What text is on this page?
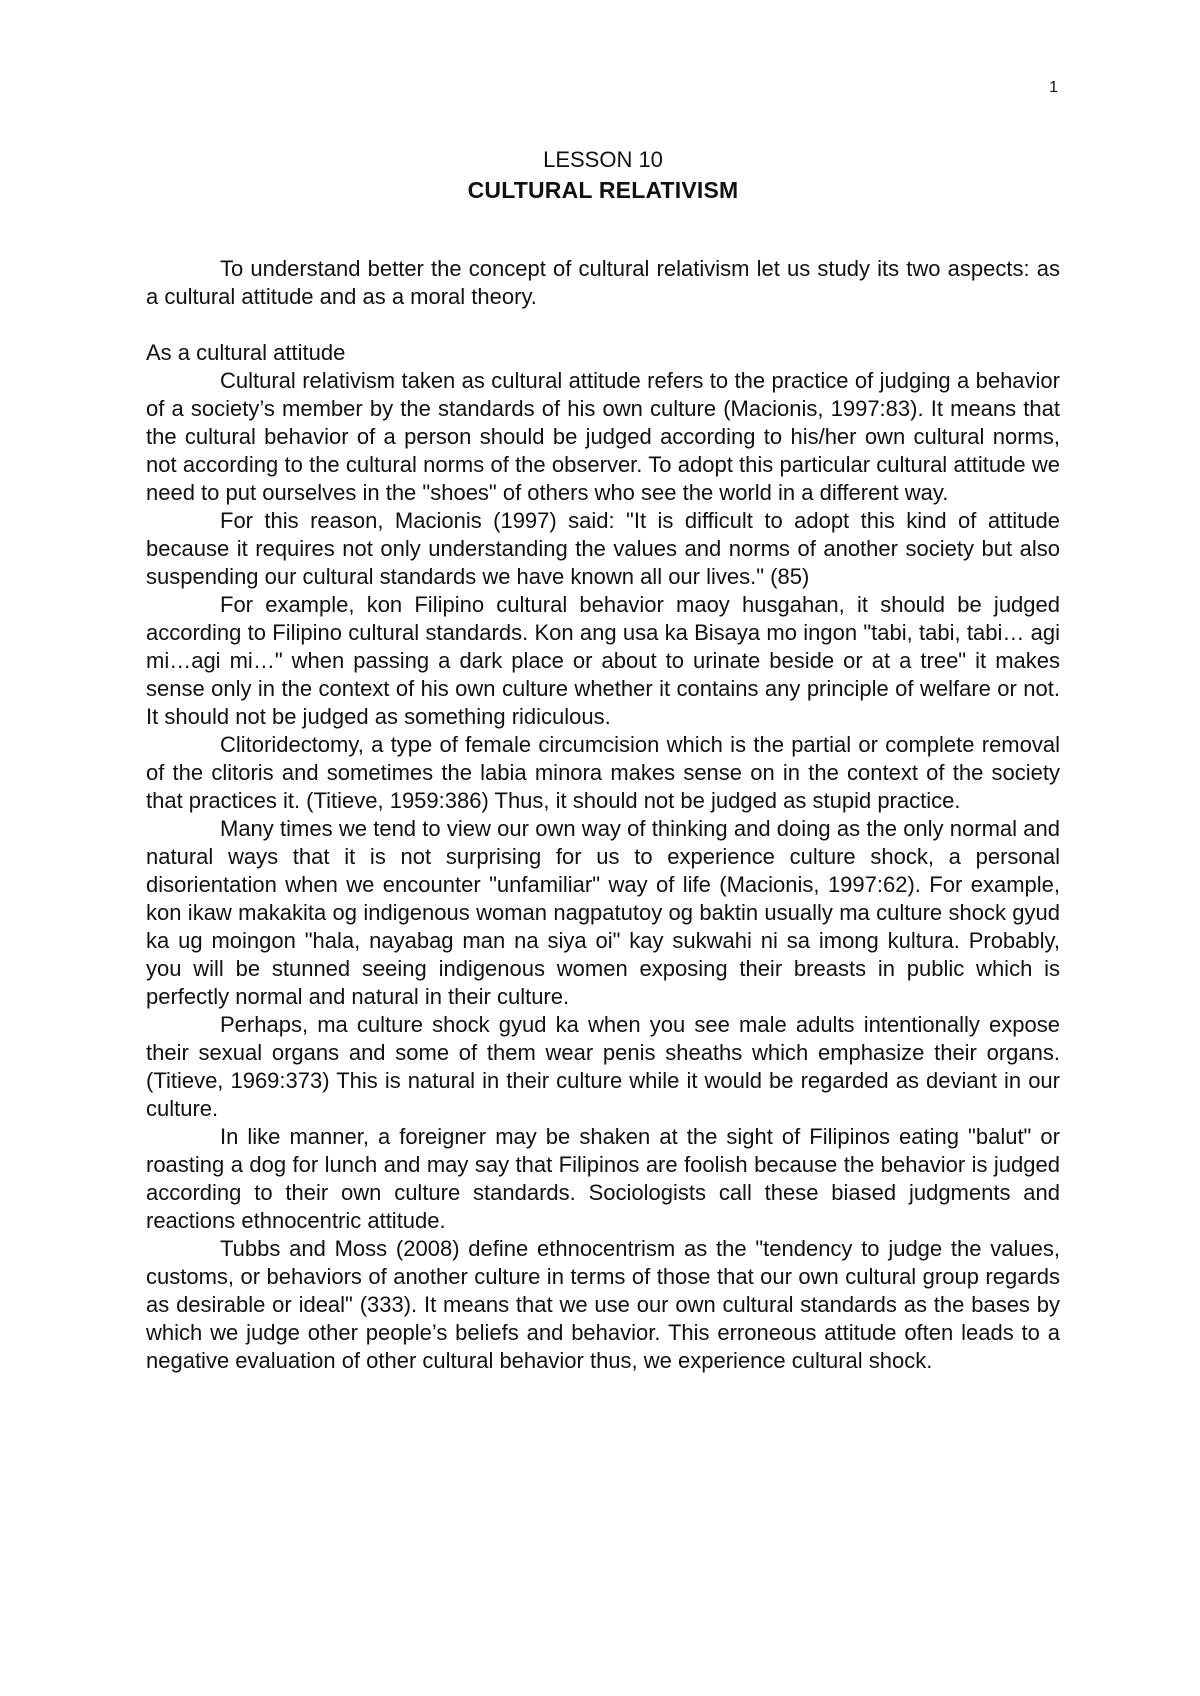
1

LESSON 10

CULTURAL RELATIVISM

To understand better the concept of cultural relativism let us study its two aspects: as a cultural attitude and as a moral theory.

As a cultural attitude

Cultural relativism taken as cultural attitude refers to the practice of judging a behavior of a society’s member by the standards of his own culture (Macionis, 1997:83). It means that the cultural behavior of a person should be judged according to his/her own cultural norms, not according to the cultural norms of the observer. To adopt this particular cultural attitude we need to put ourselves in the "shoes" of others who see the world in a different way.

For this reason, Macionis (1997) said: "It is difficult to adopt this kind of attitude because it requires not only understanding the values and norms of another society but also suspending our cultural standards we have known all our lives." (85)

For example, kon Filipino cultural behavior maoy husgahan, it should be judged according to Filipino cultural standards. Kon ang usa ka Bisaya mo ingon "tabi, tabi, tabi… agi mi…agi mi…" when passing a dark place or about to urinate beside or at a tree" it makes sense only in the context of his own culture whether it contains any principle of welfare or not. It should not be judged as something ridiculous.

Clitoridectomy, a type of female circumcision which is the partial or complete removal of the clitoris and sometimes the labia minora makes sense on in the context of the society that practices it. (Titieve, 1959:386) Thus, it should not be judged as stupid practice.

Many times we tend to view our own way of thinking and doing as the only normal and natural ways that it is not surprising for us to experience culture shock, a personal disorientation when we encounter "unfamiliar" way of life (Macionis, 1997:62). For example, kon ikaw makakita og indigenous woman nagpatutoy og baktin usually ma culture shock gyud ka ug moingon "hala, nayabag man na siya oi" kay sukwahi ni sa imong kultura. Probably, you will be stunned seeing indigenous women exposing their breasts in public which is perfectly normal and natural in their culture.

Perhaps, ma culture shock gyud ka when you see male adults intentionally expose their sexual organs and some of them wear penis sheaths which emphasize their organs. (Titieve, 1969:373) This is natural in their culture while it would be regarded as deviant in our culture.

In like manner, a foreigner may be shaken at the sight of Filipinos eating "balut" or roasting a dog for lunch and may say that Filipinos are foolish because the behavior is judged according to their own culture standards. Sociologists call these biased judgments and reactions ethnocentric attitude.

Tubbs and Moss (2008) define ethnocentrism as the "tendency to judge the values, customs, or behaviors of another culture in terms of those that our own cultural group regards as desirable or ideal" (333). It means that we use our own cultural standards as the bases by which we judge other people’s beliefs and behavior. This erroneous attitude often leads to a negative evaluation of other cultural behavior thus, we experience cultural shock.
